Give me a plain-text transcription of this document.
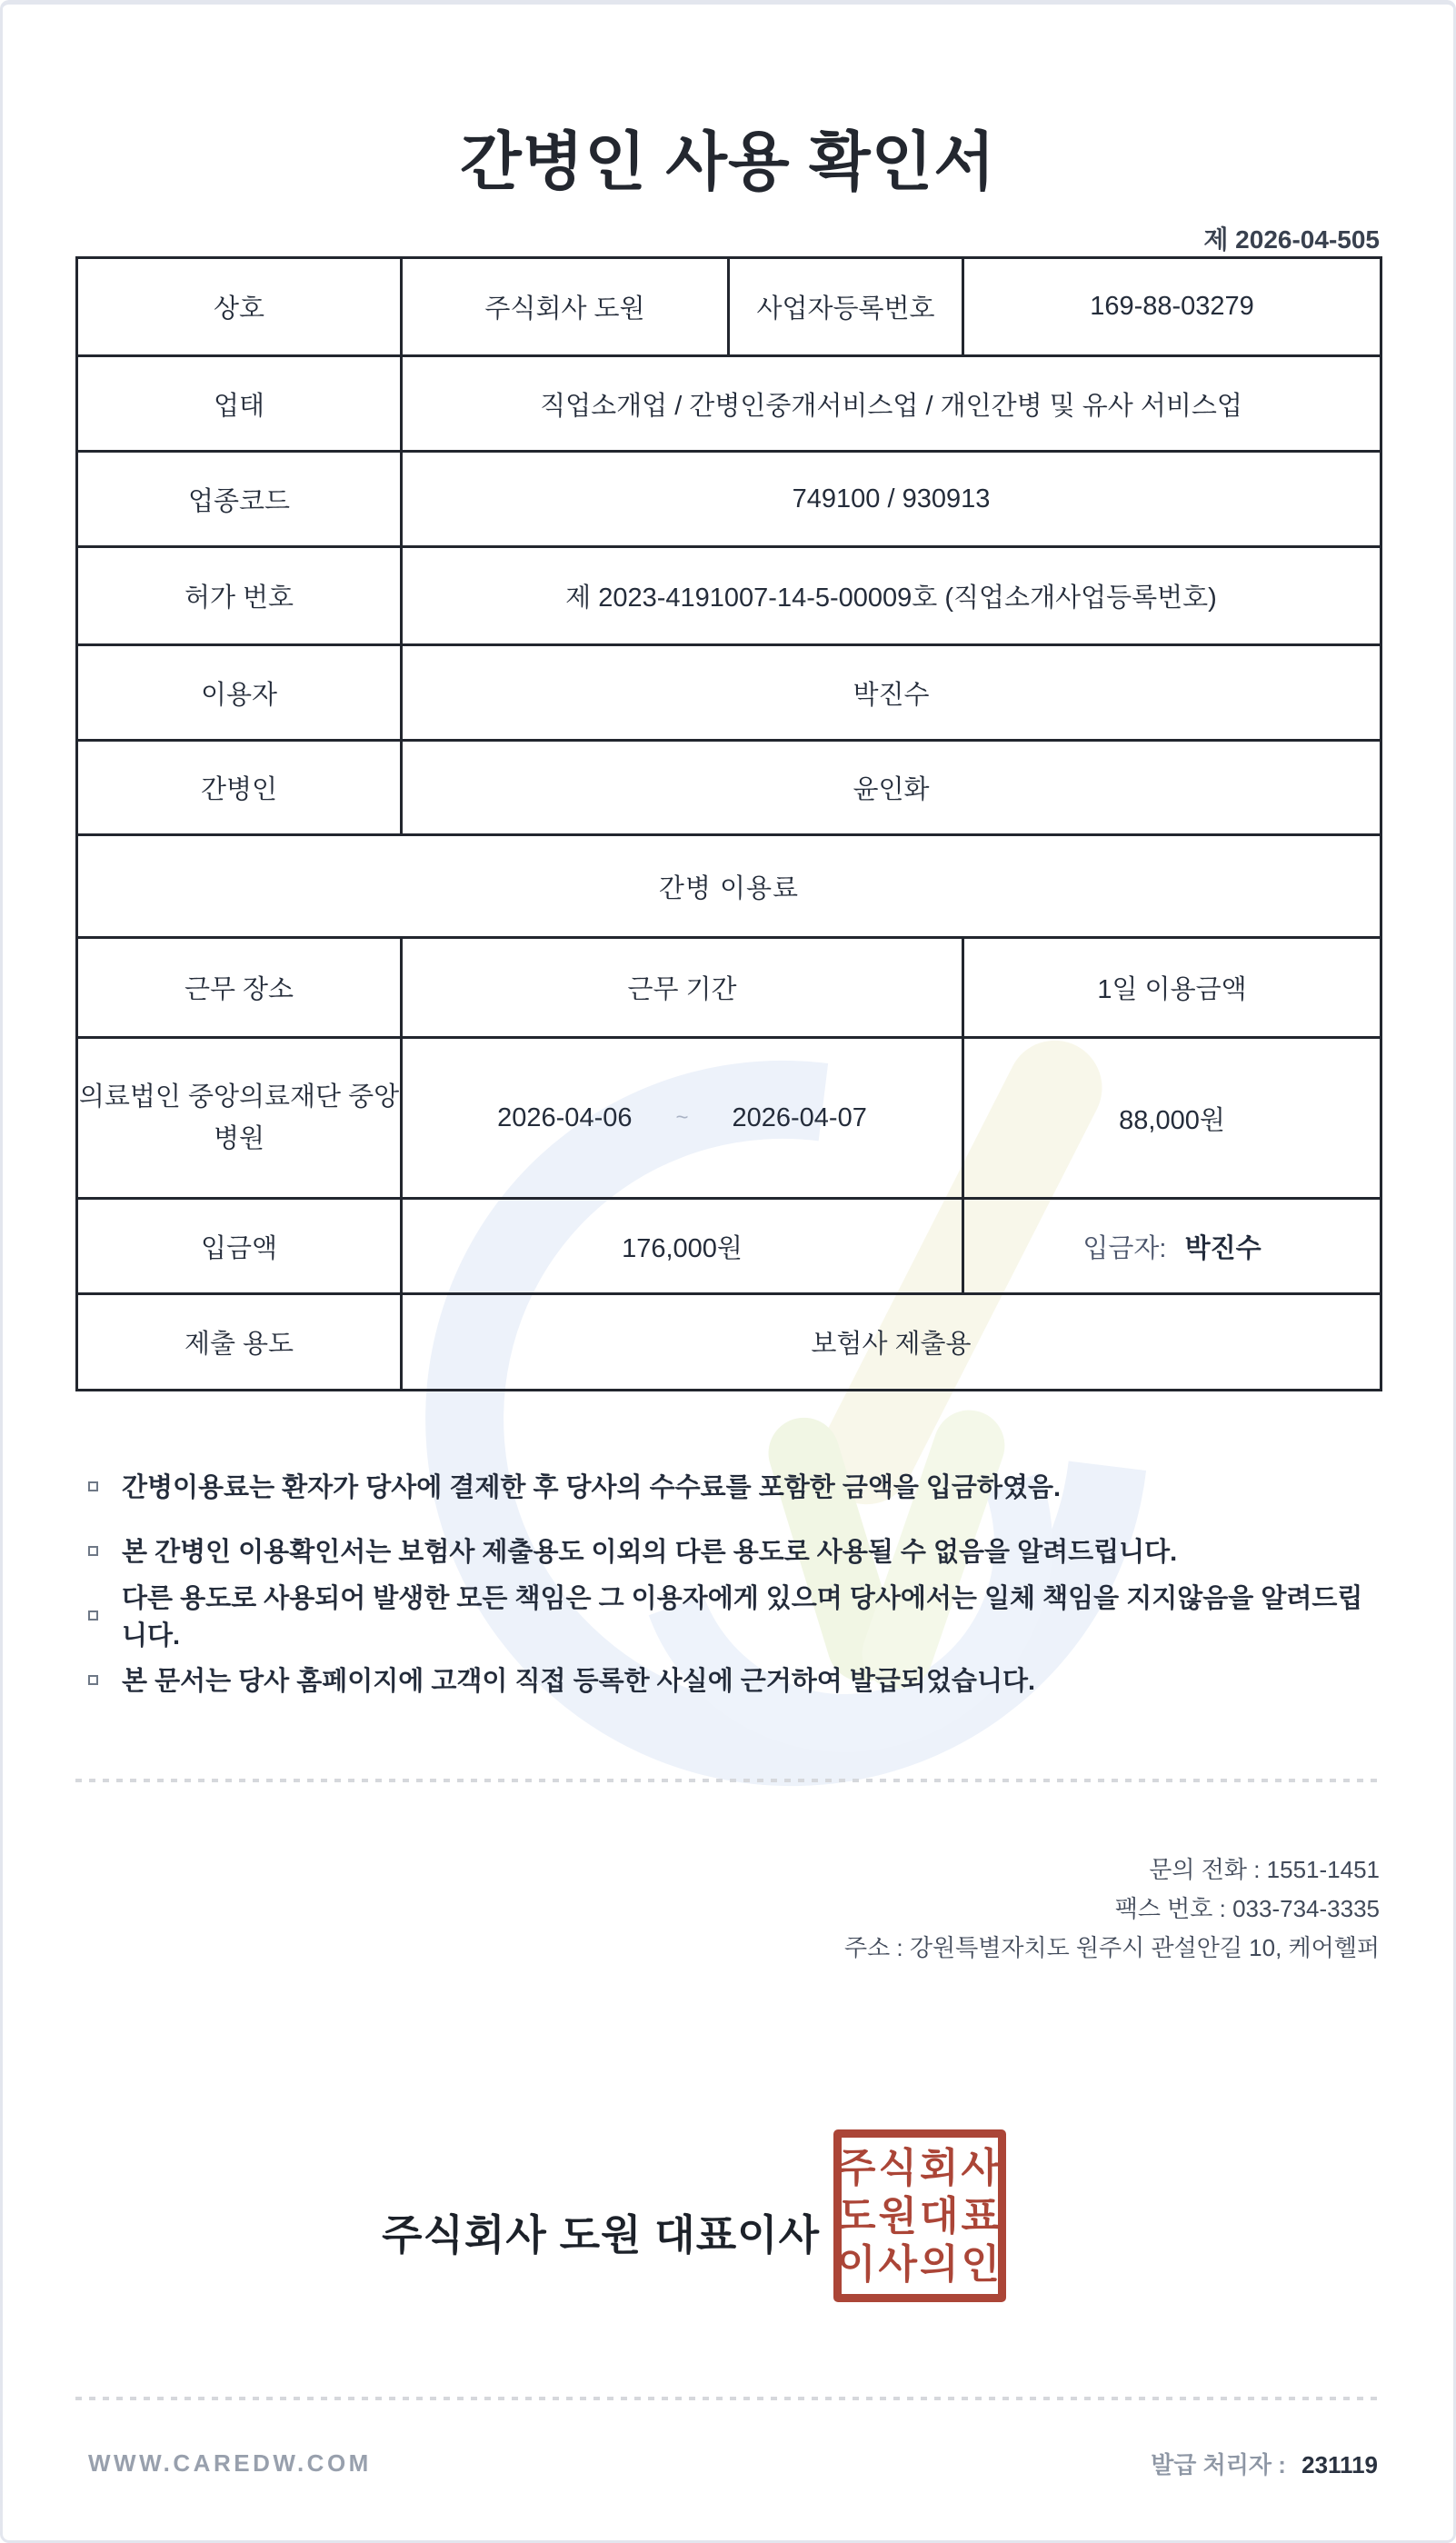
간병인 사용 확인서
제 2026-04-505
상호	주식회사 도원	사업자등록번호	169-88-03279
업태	직업소개업 / 간병인중개서비스업 / 개인간병 및 유사 서비스업		
업종코드	749100 / 930913		
허가 번호	제 2023-4191007-14-5-00009호 (직업소개사업등록번호)		
이용자	박진수		
간병인	윤인화		
간병 이용료			
근무 장소	근무 기간		1일 이용금액
의료법인 중앙의료재단 중앙병원	2026-04-06 ~ 2026-04-07		88,000원
입금액	176,000원		입금자: 박진수
제출 용도	보험사 제출용		
간병이용료는 환자가 당사에 결제한 후 당사의 수수료를 포함한 금액을 입금하였음.
본 간병인 이용확인서는 보험사 제출용도 이외의 다른 용도로 사용될 수 없음을 알려드립니다.
다른 용도로 사용되어 발생한 모든 책임은 그 이용자에게 있으며 당사에서는 일체 책임을 지지않음을 알려드립니다.
본 문서는 당사 홈페이지에 고객이 직접 등록한 사실에 근거하여 발급되었습니다.
문의 전화 : 1551-1451
팩스 번호 : 033-734-3335
주소 : 강원특별자치도 원주시 관설안길 10, 케어헬퍼
주식회사 도원 대표이사
주식회사
도원대표
이사의인
WWW.CAREDW.COM	발급 처리자 : 231119
